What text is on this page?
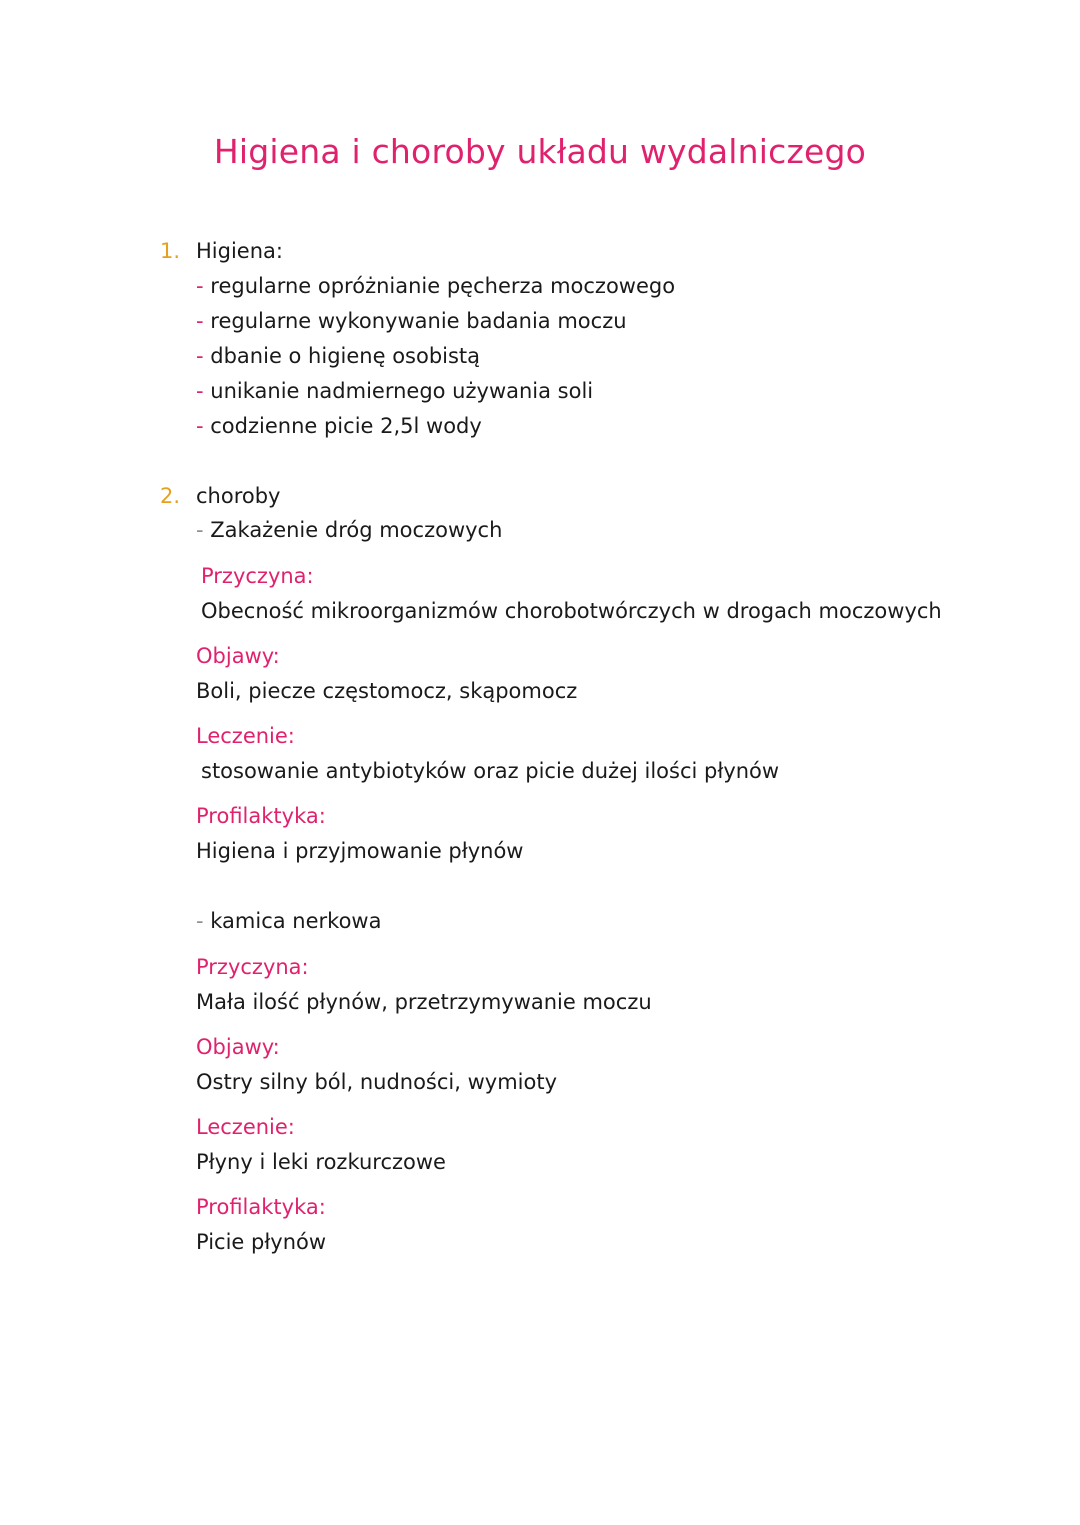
Higiena i choroby układu wydalniczego
1. Higiena:
- regularne opróżnianie pęcherza moczowego
- regularne wykonywanie badania moczu
- dbanie o higienę osobistą
- unikanie nadmiernego używania soli
- codzienne picie 2,5l wody
2. choroby
- Zakażenie dróg moczowych
Przyczyna:
Obecność mikroorganizmów chorobotwórczych w drogach moczowych
Objawy:
Boli, piecze częstomocz, skąpomocz
Leczenie:
stosowanie antybiotyków oraz picie dużej ilości płynów
Profilaktyka:
Higiena i przyjmowanie płynów
- kamica nerkowa
Przyczyna:
Mała ilość płynów, przetrzymywanie moczu
Objawy:
Ostry silny ból, nudności, wymioty
Leczenie:
Płyny i leki rozkurczowe
Profilaktyka:
Picie płynów
